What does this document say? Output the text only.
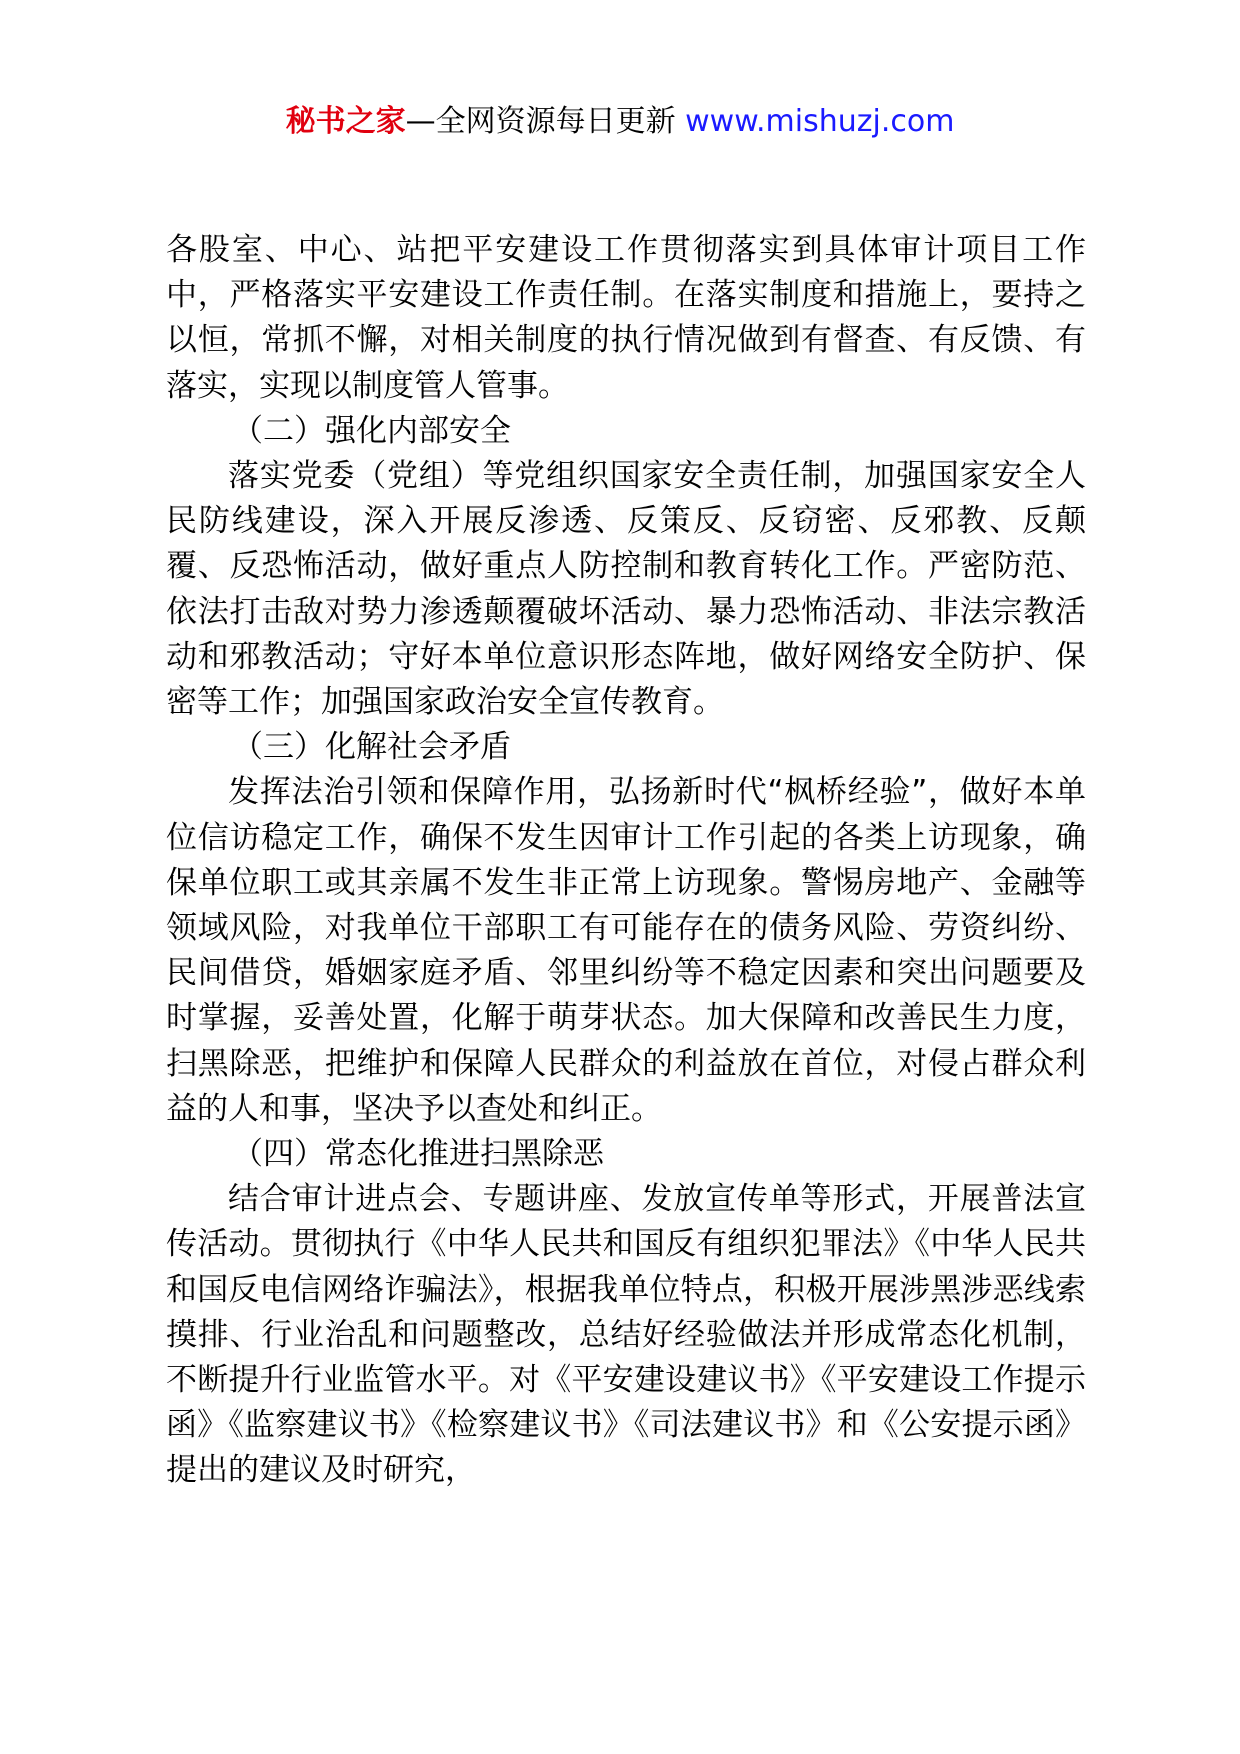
秘书之家—全网资源每日更新 www.mishuzj.com

各股室、中心、站把平安建设工作贯彻落实到具体审计项目工作中，严格落实平安建设工作责任制。在落实制度和措施上，要持之以恒，常抓不懈，对相关制度的执行情况做到有督查、有反馈、有落实，实现以制度管人管事。

（二）强化内部安全

落实党委（党组）等党组织国家安全责任制，加强国家安全人民防线建设，深入开展反渗透、反策反、反窃密、反邪教、反颠覆、反恐怖活动，做好重点人防控制和教育转化工作。严密防范、依法打击敌对势力渗透颠覆破坏活动、暴力恐怖活动、非法宗教活动和邪教活动；守好本单位意识形态阵地，做好网络安全防护、保密等工作；加强国家政治安全宣传教育。

（三）化解社会矛盾

发挥法治引领和保障作用，弘扬新时代“枫桥经验”，做好本单位信访稳定工作，确保不发生因审计工作引起的各类上访现象，确保单位职工或其亲属不发生非正常上访现象。警惕房地产、金融等领域风险，对我单位干部职工有可能存在的债务风险、劳资纠纷、民间借贷，婚姻家庭矛盾、邻里纠纷等不稳定因素和突出问题要及时掌握，妥善处置，化解于萌芽状态。加大保障和改善民生力度，扫黑除恶，把维护和保障人民群众的利益放在首位，对侵占群众利益的人和事，坚决予以查处和纠正。

（四）常态化推进扫黑除恶

结合审计进点会、专题讲座、发放宣传单等形式，开展普法宣传活动。贯彻执行《中华人民共和国反有组织犯罪法》《中华人民共和国反电信网络诈骗法》，根据我单位特点，积极开展涉黑涉恶线索摸排、行业治乱和问题整改，总结好经验做法并形成常态化机制，不断提升行业监管水平。对《平安建设建议书》《平安建设工作提示函》《监察建议书》《检察建议书》《司法建议书》和《公安提示函》提出的建议及时研究，
